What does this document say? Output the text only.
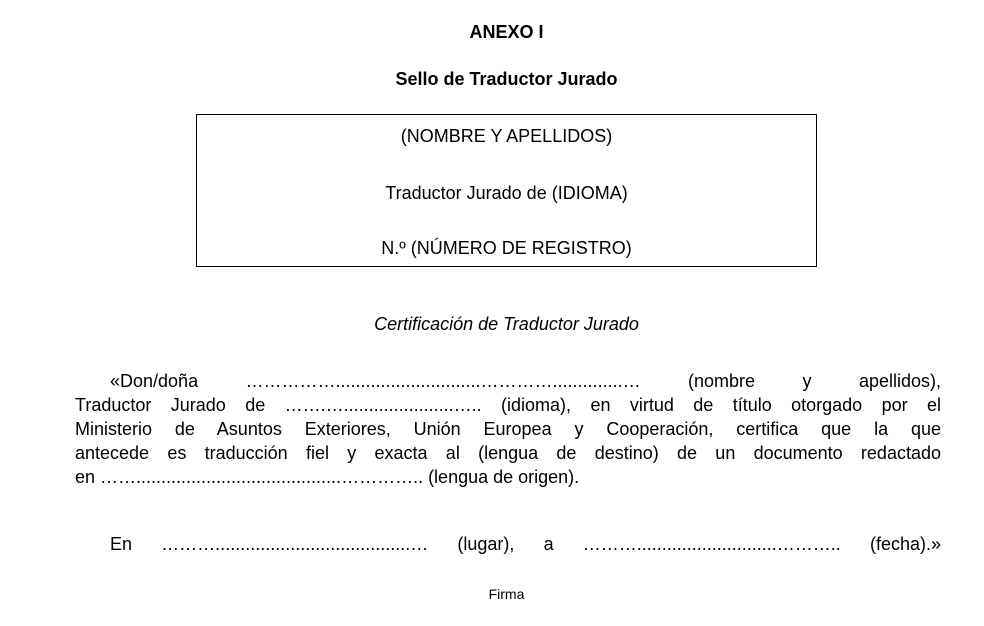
ANEXO I
Sello de Traductor Jurado

(NOMBRE Y APELLIDOS)

Traductor Jurado de (IDIOMA)

N.º (NÚMERO DE REGISTRO)

Certificación de Traductor Jurado

«Don/doña …………….............................…………..............… (nombre y apellidos),
Traductor Jurado de …….…......................….. (idioma), en virtud de título otorgado por el
Ministerio de Asuntos Exteriores, Unión Europea y Cooperación, certifica que la que
antecede es traducción fiel y exacta al (lengua de destino) de un documento redactado
en …….........................................………….. (lengua de origen).

En ……….......................................… (lugar), a ………............................……….. (fecha).»

Firma
